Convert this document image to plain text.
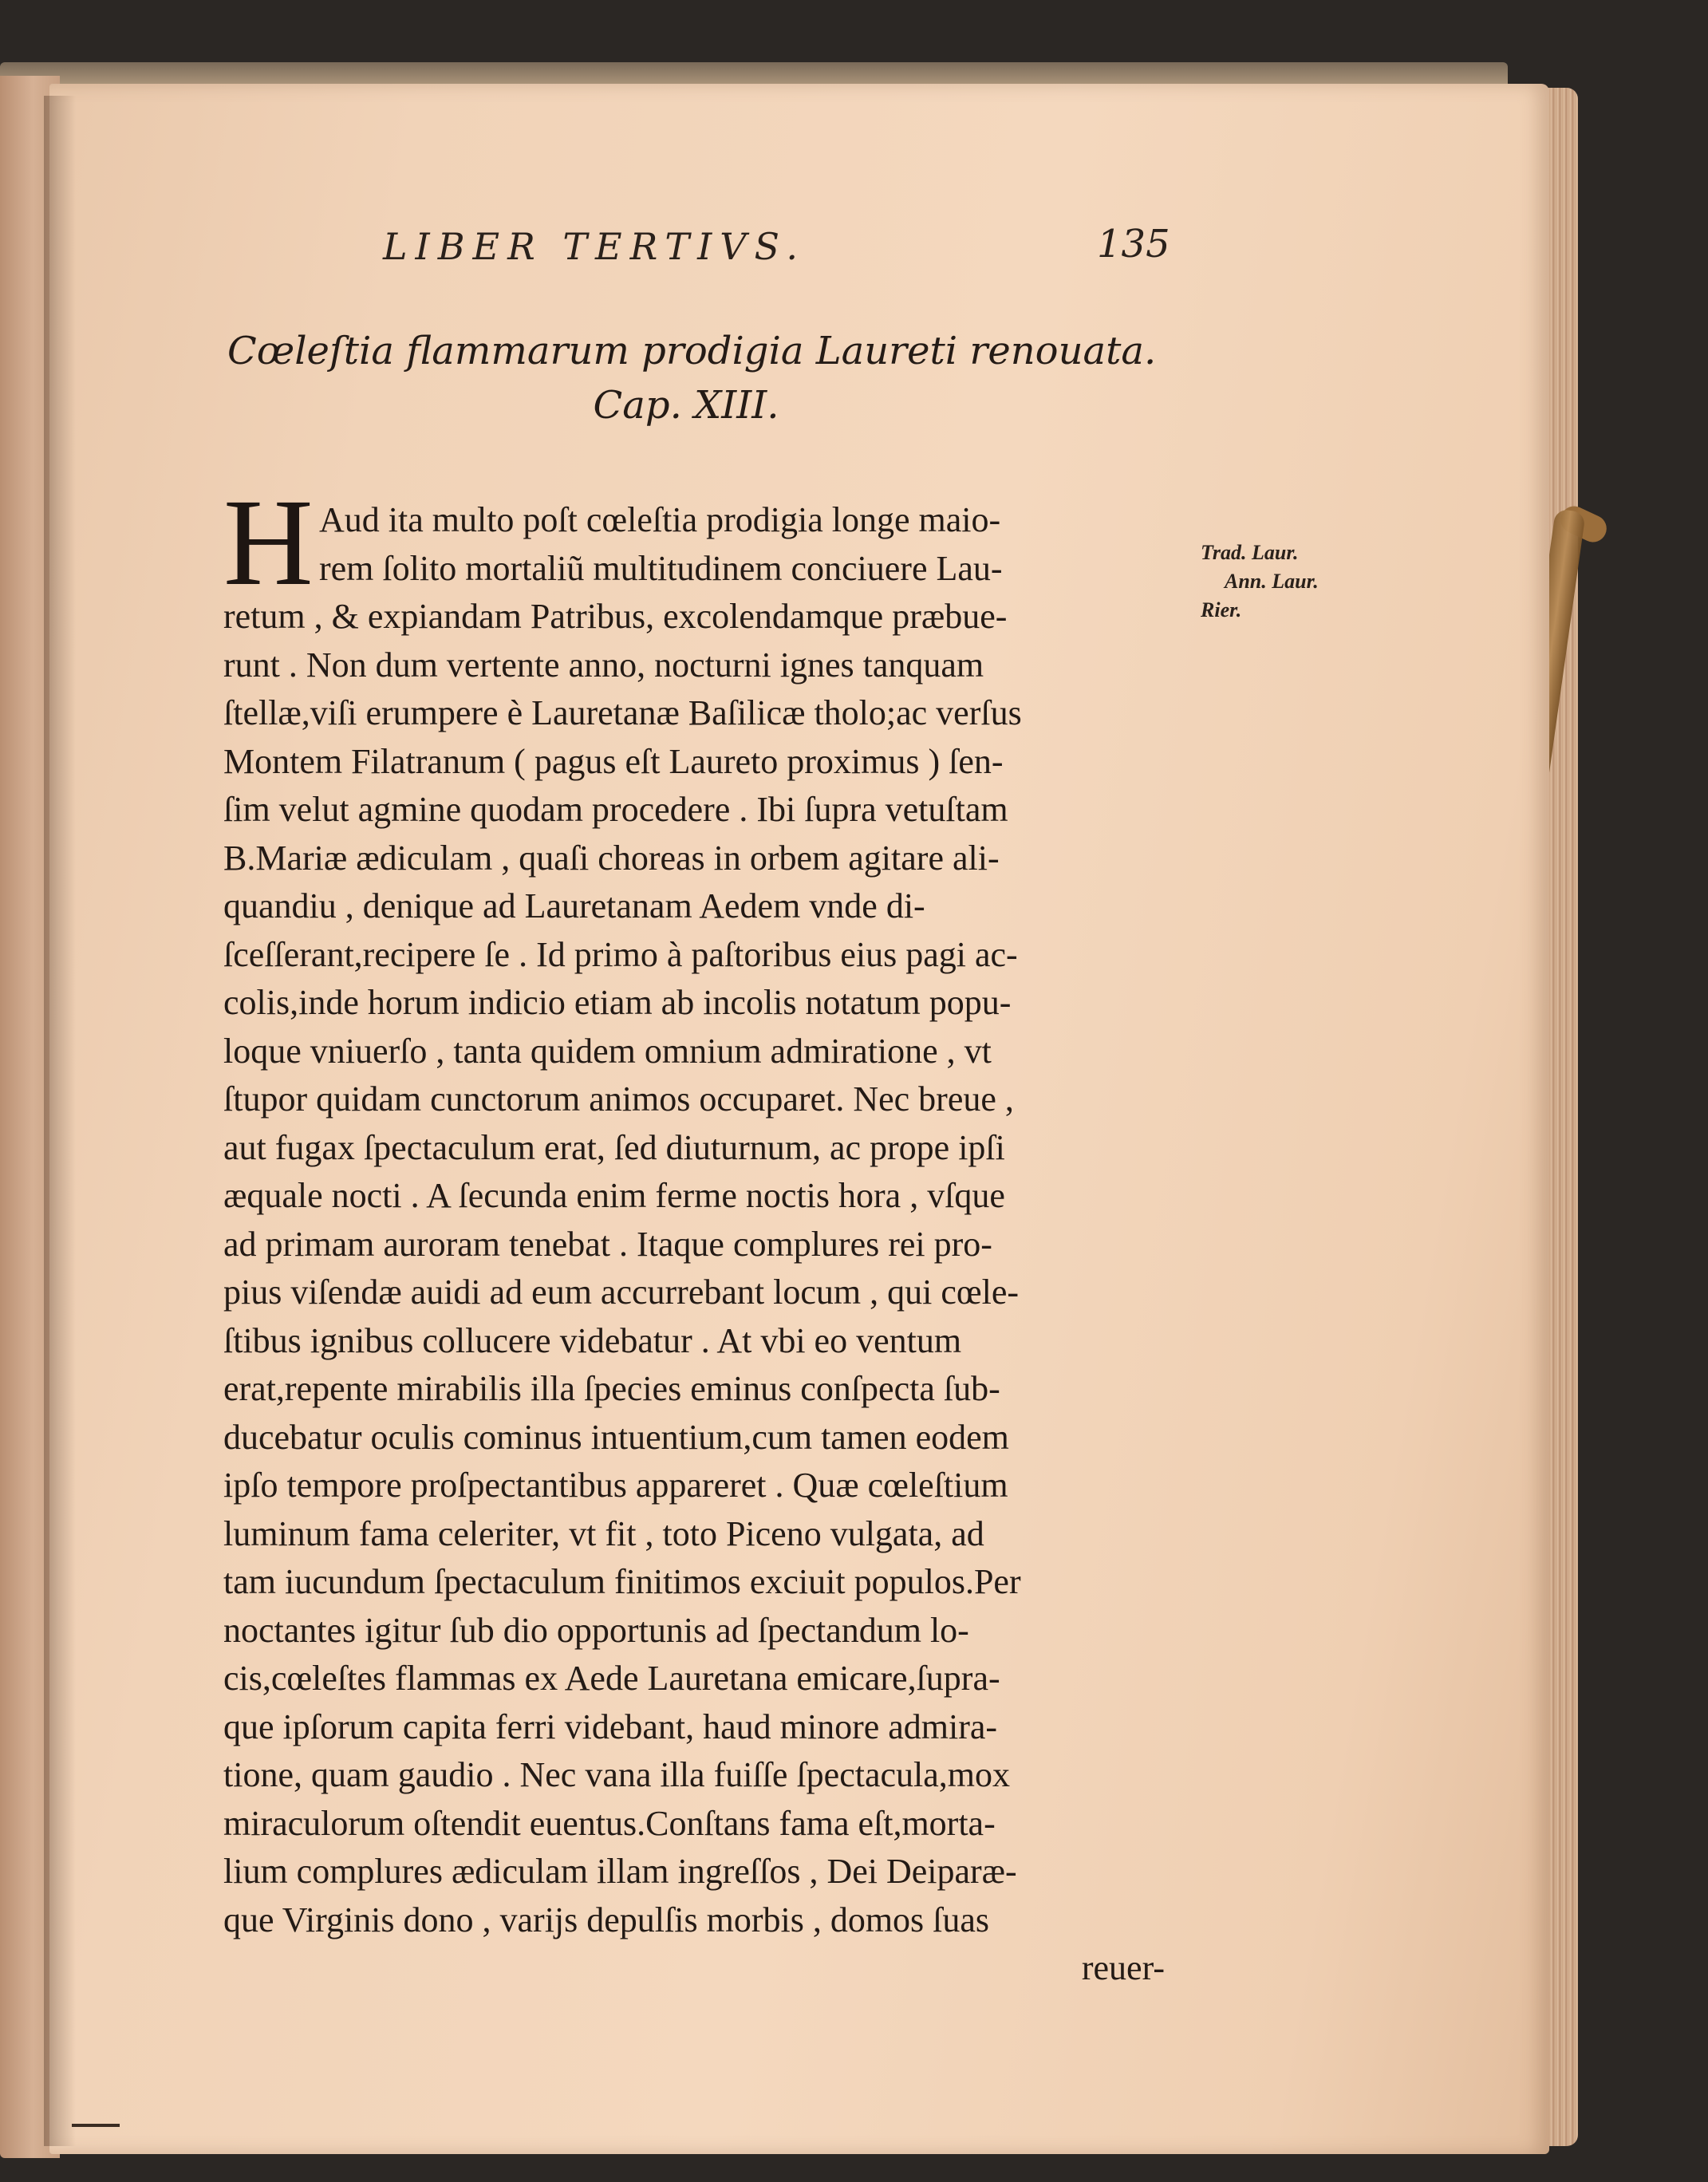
LIBER TERTIVS.	135
Cœleſtia flammarum prodigia Laureti renouata.
Cap. XIII.
H Aud ita multo poſt cœleſtia prodigia longe maio-
rem ſolito mortaliũ multitudinem conciuere Lau-
retum , & expiandam Patribus, excolendamque præbue-
runt . Non dum vertente anno, nocturni ignes tanquam
ſtellæ,viſi erumpere è Lauretanæ Baſilicæ tholo;ac verſus
Montem Filatranum ( pagus eſt Laureto proximus ) ſen-
ſim velut agmine quodam procedere . Ibi ſupra vetuſtam
B.Mariæ ædiculam , quaſi choreas in orbem agitare ali-
quandiu , denique ad Lauretanam Aedem vnde di-
ſceſſerant,recipere ſe . Id primo à paſtoribus eius pagi ac-
colis,inde horum indicio etiam ab incolis notatum popu-
loque vniuerſo , tanta quidem omnium admiratione , vt
ſtupor quidam cunctorum animos occuparet. Nec breue ,
aut fugax ſpectaculum erat, ſed diuturnum, ac prope ipſi
æquale nocti . A ſecunda enim ferme noctis hora , vſque
ad primam auroram tenebat . Itaque complures rei pro-
pius viſendæ auidi ad eum accurrebant locum , qui cœle-
ſtibus ignibus collucere videbatur . At vbi eo ventum
erat,repente mirabilis illa ſpecies eminus conſpecta ſub-
ducebatur oculis cominus intuentium,cum tamen eodem
ipſo tempore proſpectantibus appareret . Quæ cœleſtium
luminum fama celeriter, vt fit , toto Piceno vulgata, ad
tam iucundum ſpectaculum finitimos exciuit populos.Per
noctantes igitur ſub dio opportunis ad ſpectandum lo-
cis,cœleſtes flammas ex Aede Lauretana emicare,ſupra-
que ipſorum capita ferri videbant, haud minore admira-
tione, quam gaudio . Nec vana illa fuiſſe ſpectacula,mox
miraculorum oſtendit euentus.Conſtans fama eſt,morta-
lium complures ædiculam illam ingreſſos , Dei Deiparæ-
que Virginis dono , varijs depulſis morbis , domos ſuas
reuer-
Trad. Laur.
Ann. Laur.
Rier.
